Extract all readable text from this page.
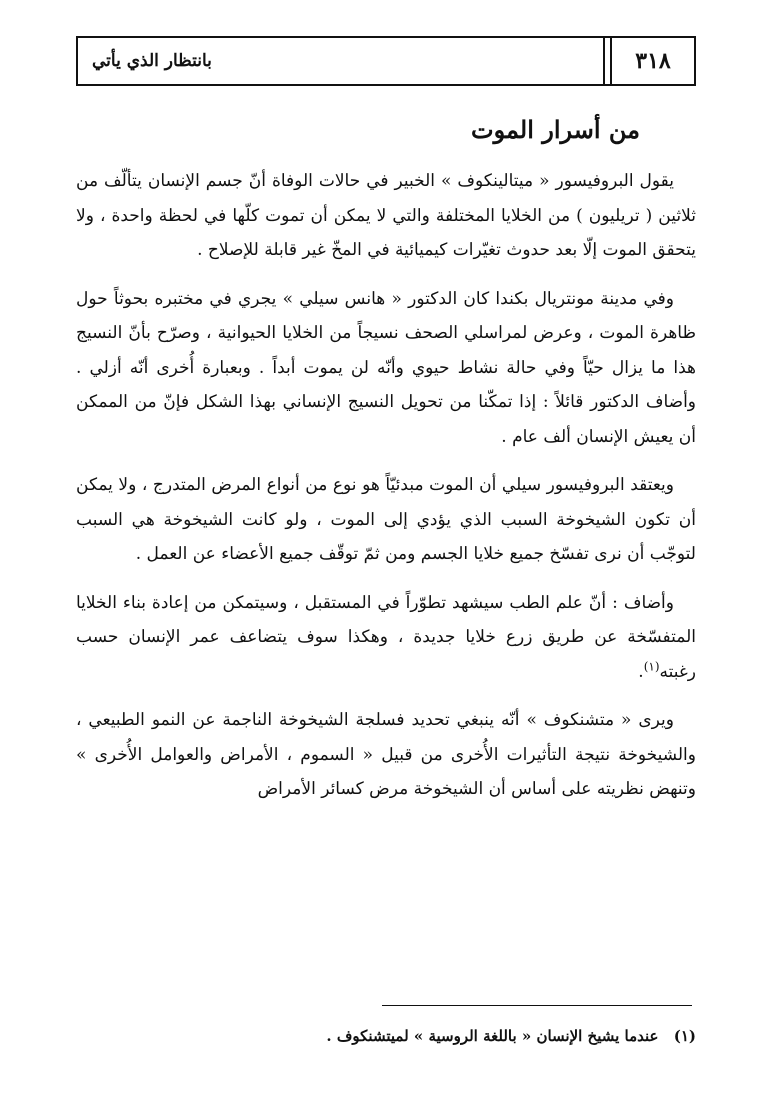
٣١٨
بانتظار الذي يأتي
من أسرار الموت

يقول البروفيسور « ميتالينكوف » الخبير في حالات الوفاة أنّ جسم الإنسان يتألّف من ثلاثين ( تريليون ) من الخلايا المختلفة والتي لا يمكن أن تموت كلّها في لحظة واحدة ، ولا يتحقق الموت إلّا بعد حدوث تغيّرات كيميائية في المخّ غير قابلة للإصلاح .

وفي مدينة مونتريال بكندا كان الدكتور « هانس سيلي » يجري في مختبره بحوثاً حول ظاهرة الموت ، وعرض لمراسلي الصحف نسيجاً من الخلايا الحيوانية ، وصرّح بأنّ النسيج هذا ما يزال حيّاً وفي حالة نشاط حيوي وأنّه لن يموت أبداً . وبعبارة أُخرى أنّه أزلي . وأضاف الدكتور قائلاً : إذا تمكّنا من تحويل النسيج الإنساني بهذا الشكل فإنّ من الممكن أن يعيش الإنسان ألف عام .

ويعتقد البروفيسور سيلي أن الموت مبدئيّاً هو نوع من أنواع المرض المتدرج ، ولا يمكن أن تكون الشيخوخة السبب الذي يؤدي إلى الموت ، ولو كانت الشيخوخة هي السبب لتوجّب أن نرى تفسّخ جميع خلايا الجسم ومن ثمّ توقّف جميع الأعضاء عن العمل .

وأضاف : أنّ علم الطب سيشهد تطوّراً في المستقبل ، وسيتمكن من إعادة بناء الخلايا المتفسّخة عن طريق زرع خلايا جديدة ، وهكذا سوف يتضاعف عمر الإنسان حسب رغبته$^{(١)}$.

ويرى « متشنكوف » أنّه ينبغي تحديد فسلجة الشيخوخة الناجمة عن النمو الطبيعي ، والشيخوخة نتيجة التأثيرات الأُخرى من قبيل « السموم ، الأمراض والعوامل الأُخرى » وتنهض نظريته على أساس أن الشيخوخة مرض كسائر الأمراض

(١) عندما يشيخ الإنسان « باللغة الروسية » لميتشنكوف .
